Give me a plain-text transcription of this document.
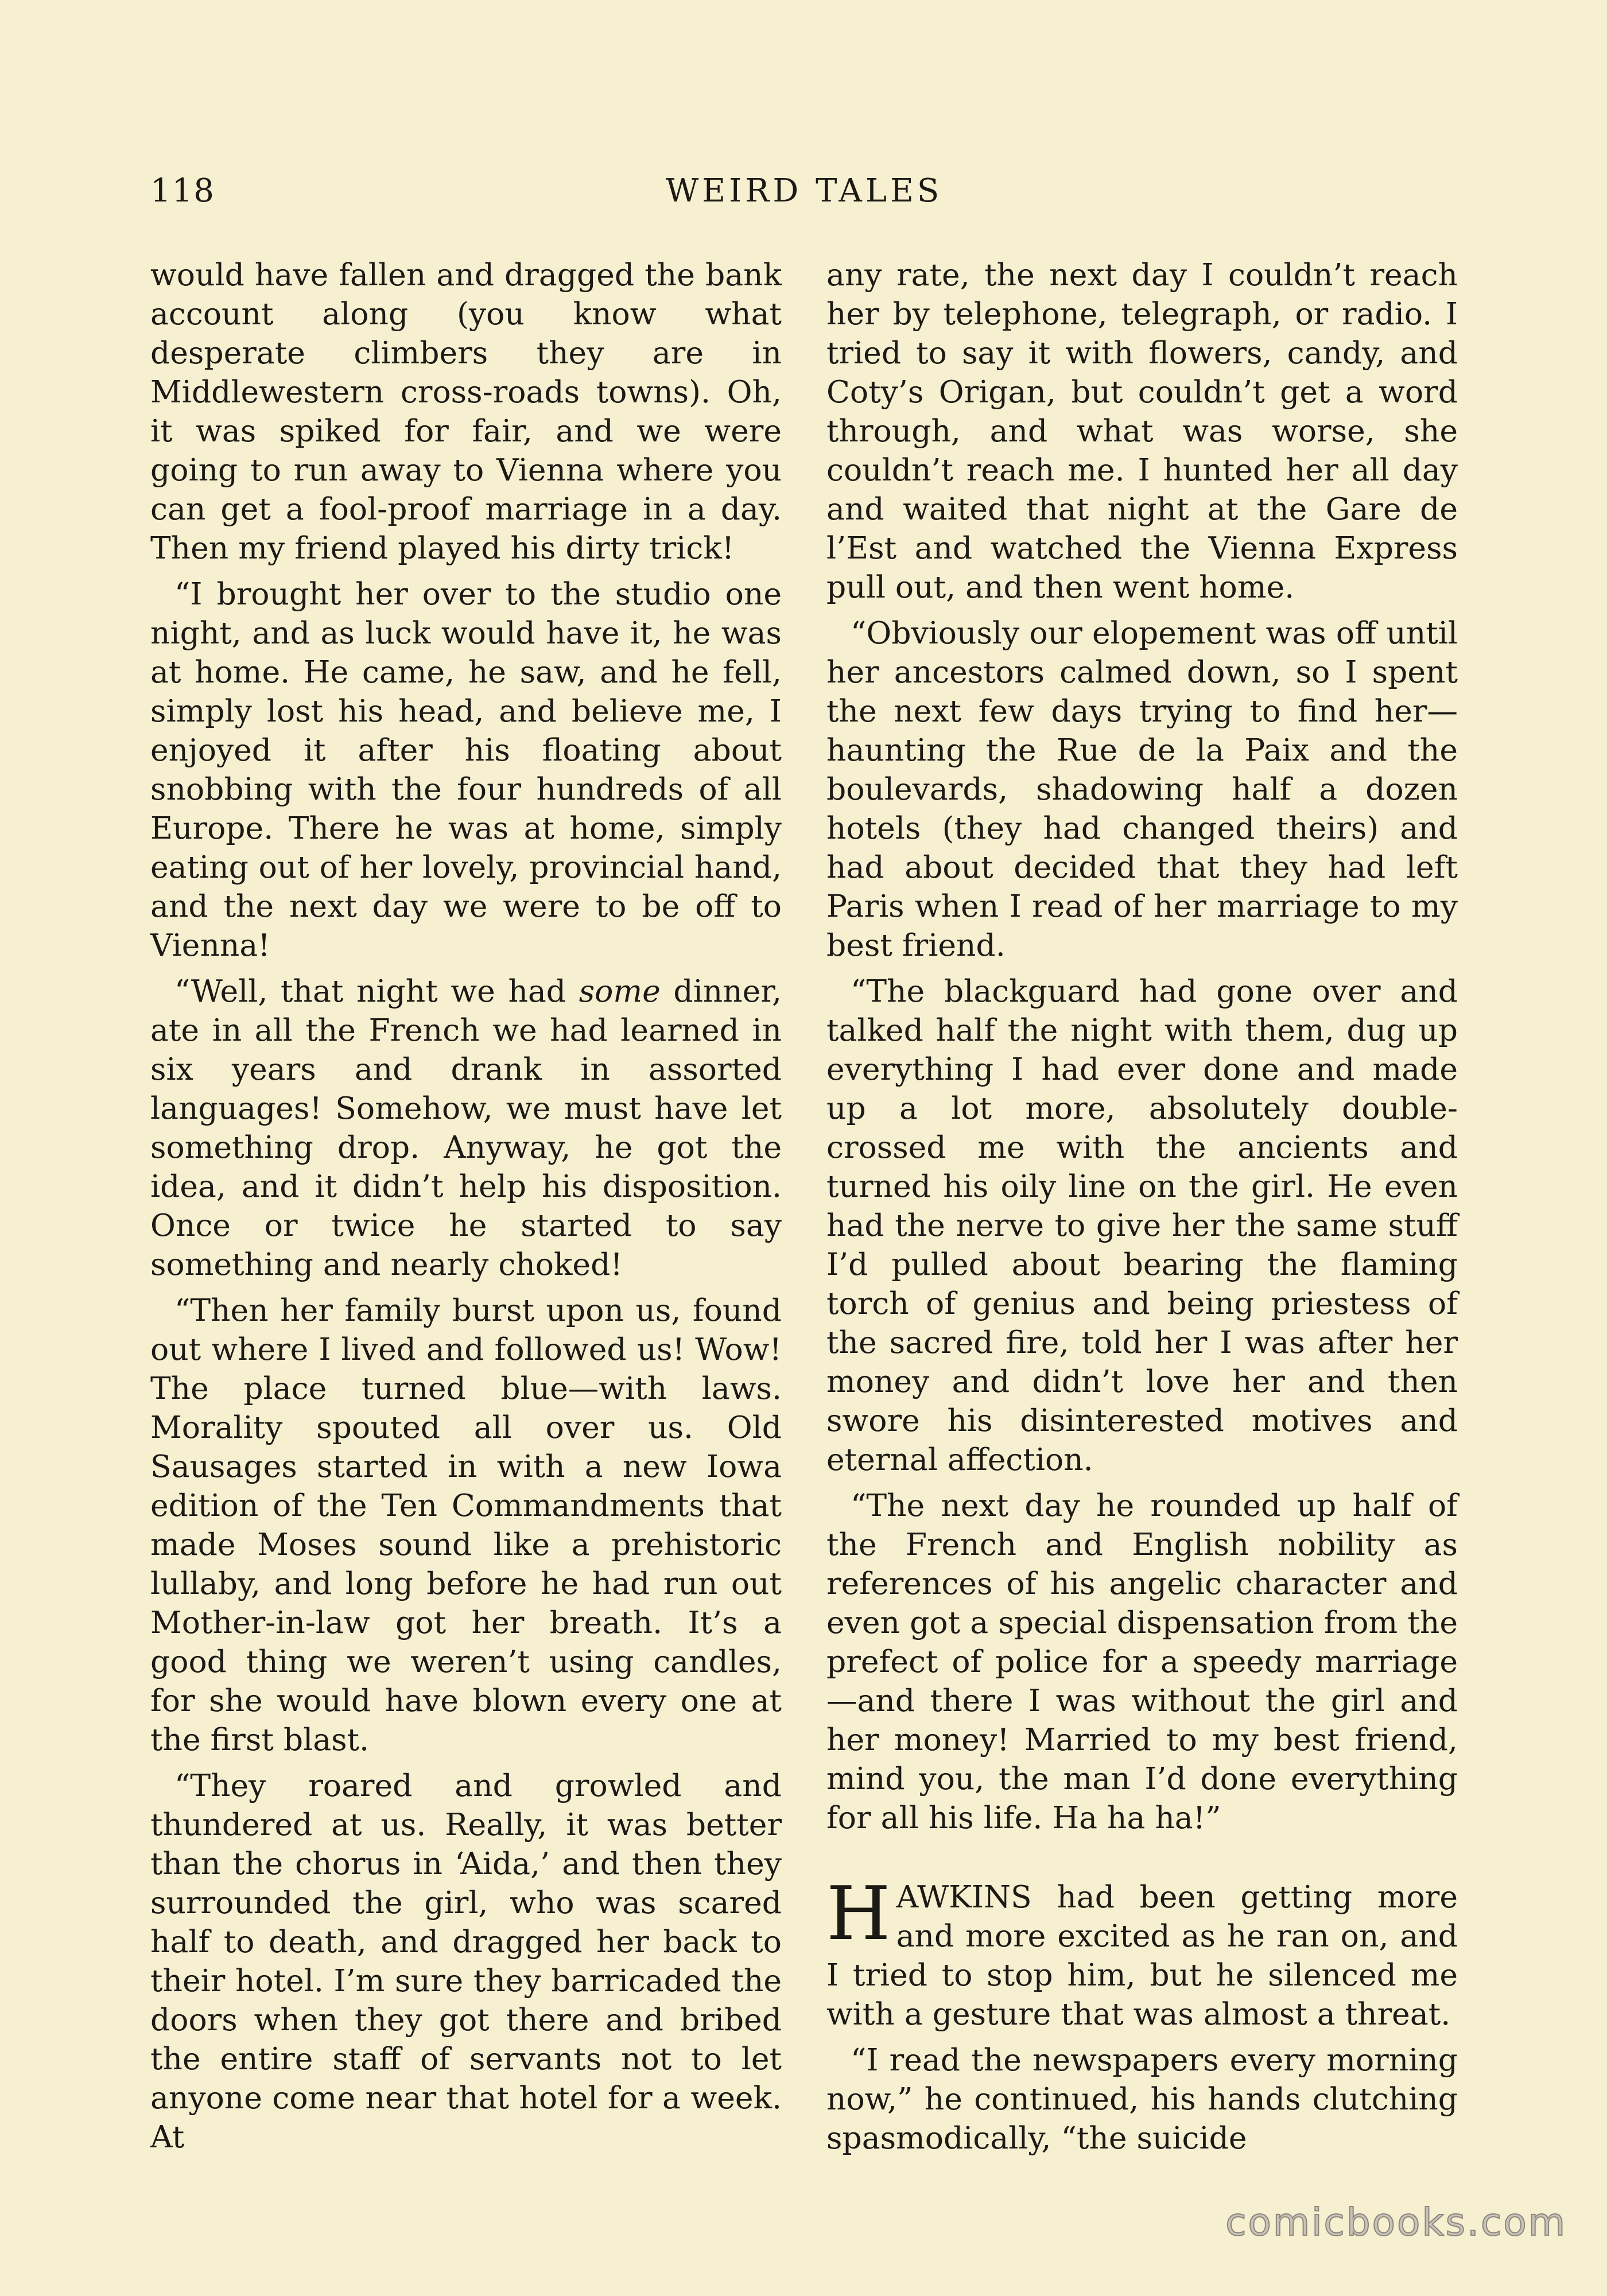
118	WEIRD TALES

would have fallen and dragged the bank account along (you know what desperate climbers they are in Middlewestern cross-roads towns). Oh, it was spiked for fair, and we were going to run away to Vienna where you can get a fool-proof marriage in a day. Then my friend played his dirty trick!

“I brought her over to the studio one night, and as luck would have it, he was at home. He came, he saw, and he fell, simply lost his head, and believe me, I enjoyed it after his floating about snobbing with the four hundreds of all Europe. There he was at home, simply eating out of her lovely, provincial hand, and the next day we were to be off to Vienna!

“Well, that night we had some dinner, ate in all the French we had learned in six years and drank in assorted languages! Somehow, we must have let something drop. Anyway, he got the idea, and it didn’t help his disposition. Once or twice he started to say something and nearly choked!

“Then her family burst upon us, found out where I lived and followed us! Wow! The place turned blue—with laws. Morality spouted all over us. Old Sausages started in with a new Iowa edition of the Ten Commandments that made Moses sound like a prehistoric lullaby, and long before he had run out Mother-in-law got her breath. It’s a good thing we weren’t using candles, for she would have blown every one at the first blast.

“They roared and growled and thundered at us. Really, it was better than the chorus in ‘Aida,’ and then they surrounded the girl, who was scared half to death, and dragged her back to their hotel. I’m sure they barricaded the doors when they got there and bribed the entire staff of servants not to let anyone come near that hotel for a week. At

any rate, the next day I couldn’t reach her by telephone, telegraph, or radio. I tried to say it with flowers, candy, and Coty’s Origan, but couldn’t get a word through, and what was worse, she couldn’t reach me. I hunted her all day and waited that night at the Gare de l’Est and watched the Vienna Express pull out, and then went home.

“Obviously our elopement was off until her ancestors calmed down, so I spent the next few days trying to find her—haunting the Rue de la Paix and the boulevards, shadowing half a dozen hotels (they had changed theirs) and had about decided that they had left Paris when I read of her marriage to my best friend.

“The blackguard had gone over and talked half the night with them, dug up everything I had ever done and made up a lot more, absolutely double-crossed me with the ancients and turned his oily line on the girl. He even had the nerve to give her the same stuff I’d pulled about bearing the flaming torch of genius and being priestess of the sacred fire, told her I was after her money and didn’t love her and then swore his disinterested motives and eternal affection.

“The next day he rounded up half of the French and English nobility as references of his angelic character and even got a special dispensation from the prefect of police for a speedy marriage—and there I was without the girl and her money! Married to my best friend, mind you, the man I’d done everything for all his life. Ha ha ha!”

HAWKINS had been getting more and more excited as he ran on, and I tried to stop him, but he silenced me with a gesture that was almost a threat.

“I read the newspapers every morning now,” he continued, his hands clutching spasmodically, “the suicide

comicbooks.com
